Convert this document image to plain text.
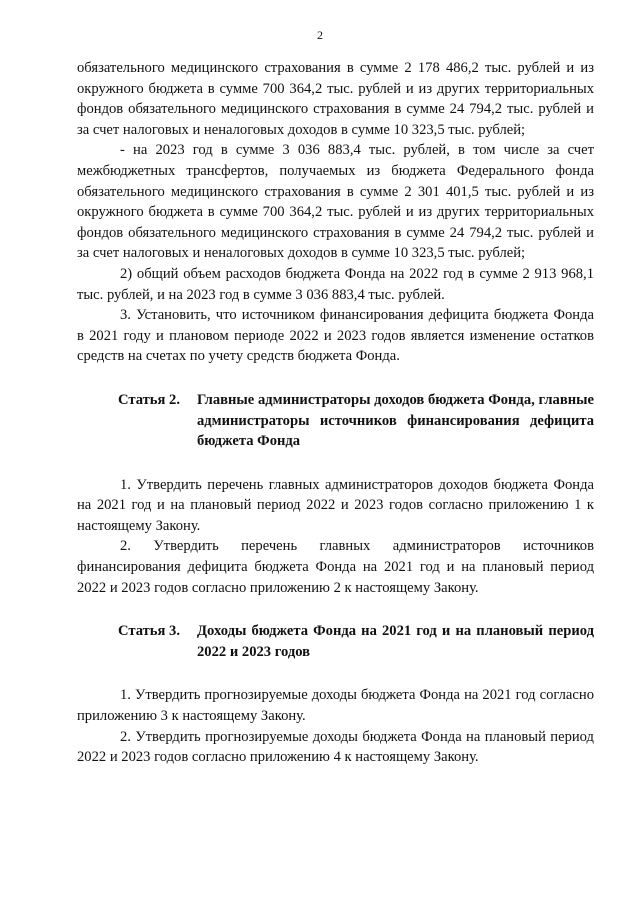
2

обязательного медицинского страхования в сумме 2 178 486,2 тыс. рублей и из окружного бюджета в сумме 700 364,2 тыс. рублей и из других территориальных фондов обязательного медицинского страхования в сумме 24 794,2 тыс. рублей и за счет налоговых и неналоговых доходов в сумме 10 323,5 тыс. рублей;

- на 2023 год в сумме 3 036 883,4 тыс. рублей, в том числе за счет межбюджетных трансфертов, получаемых из бюджета Федерального фонда обязательного медицинского страхования в сумме 2 301 401,5 тыс. рублей и из окружного бюджета в сумме 700 364,2 тыс. рублей и из других территориальных фондов обязательного медицинского страхования в сумме 24 794,2 тыс. рублей и за счет налоговых и неналоговых доходов в сумме 10 323,5 тыс. рублей;

2) общий объем расходов бюджета Фонда на 2022 год в сумме 2 913 968,1 тыс. рублей, и на 2023 год в сумме 3 036 883,4 тыс. рублей.

3. Установить, что источником финансирования дефицита бюджета Фонда в 2021 году и плановом периоде 2022 и 2023 годов является изменение остатков средств на счетах по учету средств бюджета Фонда.

Статья 2.	Главные администраторы доходов бюджета Фонда, главные администраторы источников финансирования дефицита бюджета Фонда

1. Утвердить перечень главных администраторов доходов бюджета Фонда на 2021 год и на плановый период 2022 и 2023 годов согласно приложению 1 к настоящему Закону.

2. Утвердить перечень главных администраторов источников финансирования дефицита бюджета Фонда на 2021 год и на плановый период 2022 и 2023 годов согласно приложению 2 к настоящему Закону.

Статья 3.	Доходы бюджета Фонда на 2021 год и на плановый период 2022 и 2023 годов

1. Утвердить прогнозируемые доходы бюджета Фонда на 2021 год согласно приложению 3 к настоящему Закону.

2. Утвердить прогнозируемые доходы бюджета Фонда на плановый период 2022 и 2023 годов согласно приложению 4 к настоящему Закону.
